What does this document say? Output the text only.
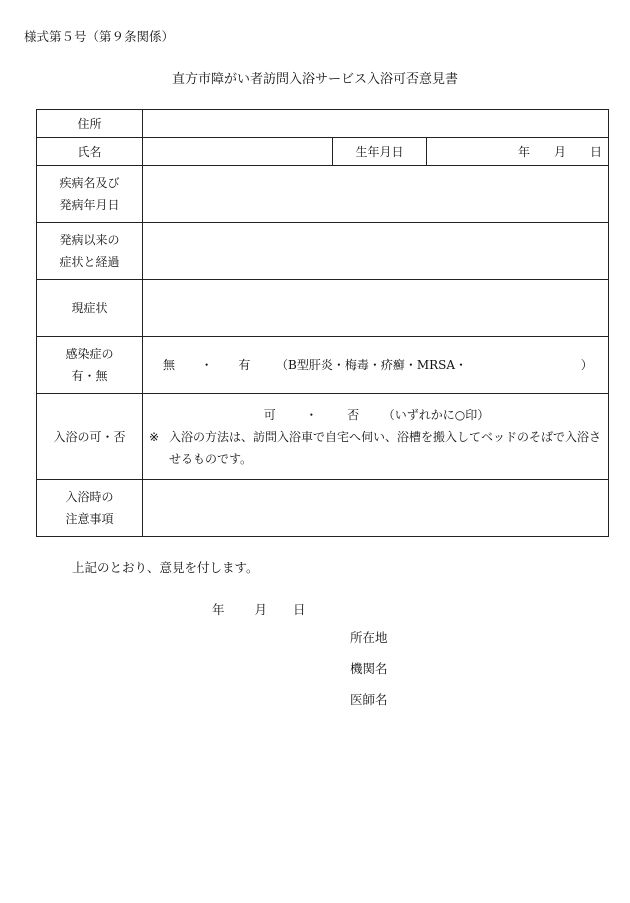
様式第５号（第９条関係）
直方市障がい者訪問入浴サービス入浴可否意見書
住所			
氏名		生年月日	年 月 日

疾病名及び
発病年月日			

発病以来の
症状と経過			

現症状			

感染症の
有・無	無 ・ 有 （B型肝炎・梅毒・疥癬・MRSA・ ）		
入浴の可・否	可 ・ 否 （いずれかに○印）
※ 入浴の方法は、訪問入浴車で自宅へ伺い、浴槽を搬入してベッドのそばで入浴させるものです。		

入浴時の
注意事項			

上記のとおり、意見を付します。
年 月 日
所在地
機関名
医師名
